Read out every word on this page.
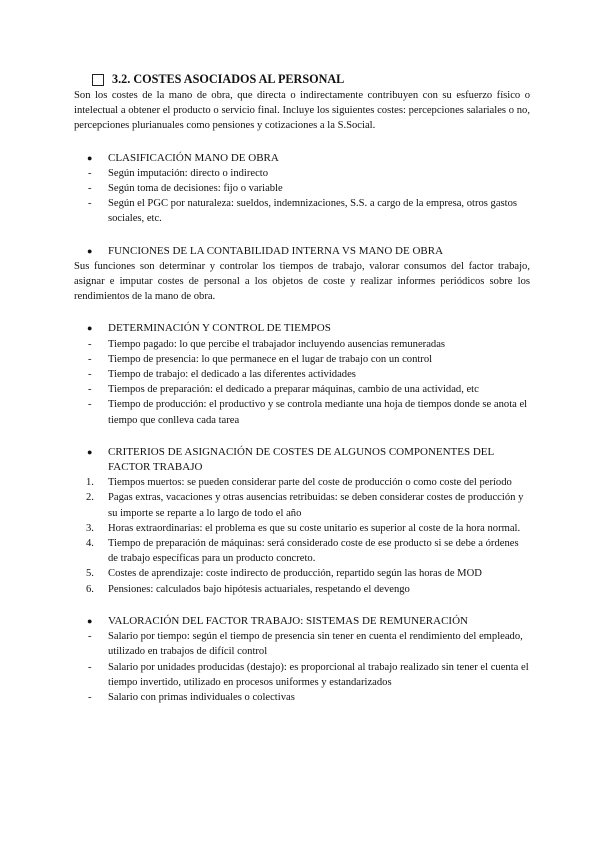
3.2. COSTES ASOCIADOS AL PERSONAL

Son los costes de la mano de obra, que directa o indirectamente contribuyen con su esfuerzo físico o intelectual a obtener el producto o servicio final. Incluye los siguientes costes: percepciones salariales o no, percepciones plurianuales como pensiones y cotizaciones a la S.Social.

●	CLASIFICACIÓN MANO DE OBRA
-	Según imputación: directo o indirecto
-	Según toma de decisiones: fijo o variable
-	Según el PGC por naturaleza: sueldos, indemnizaciones, S.S. a cargo de la empresa, otros gastos sociales, etc.
●	FUNCIONES DE LA CONTABILIDAD INTERNA VS MANO DE OBRA

Sus funciones son determinar y controlar los tiempos de trabajo, valorar consumos del factor trabajo, asignar e imputar costes de personal a los objetos de coste y realizar informes periódicos sobre los rendimientos de la mano de obra.

●	DETERMINACIÓN Y CONTROL DE TIEMPOS
-	Tiempo pagado: lo que percibe el trabajador incluyendo ausencias remuneradas
-	Tiempo de presencia: lo que permanece en el lugar de trabajo con un control
-	Tiempo de trabajo: el dedicado a las diferentes actividades
-	Tiempos de preparación: el dedicado a preparar máquinas, cambio de una actividad, etc
-	Tiempo de producción: el productivo y se controla mediante una hoja de tiempos donde se anota el tiempo que conlleva cada tarea
●	CRITERIOS DE ASIGNACIÓN DE COSTES DE ALGUNOS COMPONENTES DEL FACTOR TRABAJO
1.	Tiempos muertos: se pueden considerar parte del coste de producción o como coste del período
2.	Pagas extras, vacaciones y otras ausencias retribuidas: se deben considerar costes de producción y su importe se reparte a lo largo de todo el año
3.	Horas extraordinarias: el problema es que su coste unitario es superior al coste de la hora normal.
4.	Tiempo de preparación de máquinas: será considerado coste de ese producto si se debe a órdenes de trabajo específicas para un producto concreto.
5.	Costes de aprendizaje: coste indirecto de producción, repartido según las horas de MOD
6.	Pensiones: calculados bajo hipótesis actuariales, respetando el devengo
●	VALORACIÓN DEL FACTOR TRABAJO: SISTEMAS DE REMUNERACIÓN
-	Salario por tiempo: según el tiempo de presencia sin tener en cuenta el rendimiento del empleado, utilizado en trabajos de difícil control
-	Salario por unidades producidas (destajo): es proporcional al trabajo realizado sin tener el cuenta el tiempo invertido, utilizado en procesos uniformes y estandarizados
-	Salario con primas individuales o colectivas
